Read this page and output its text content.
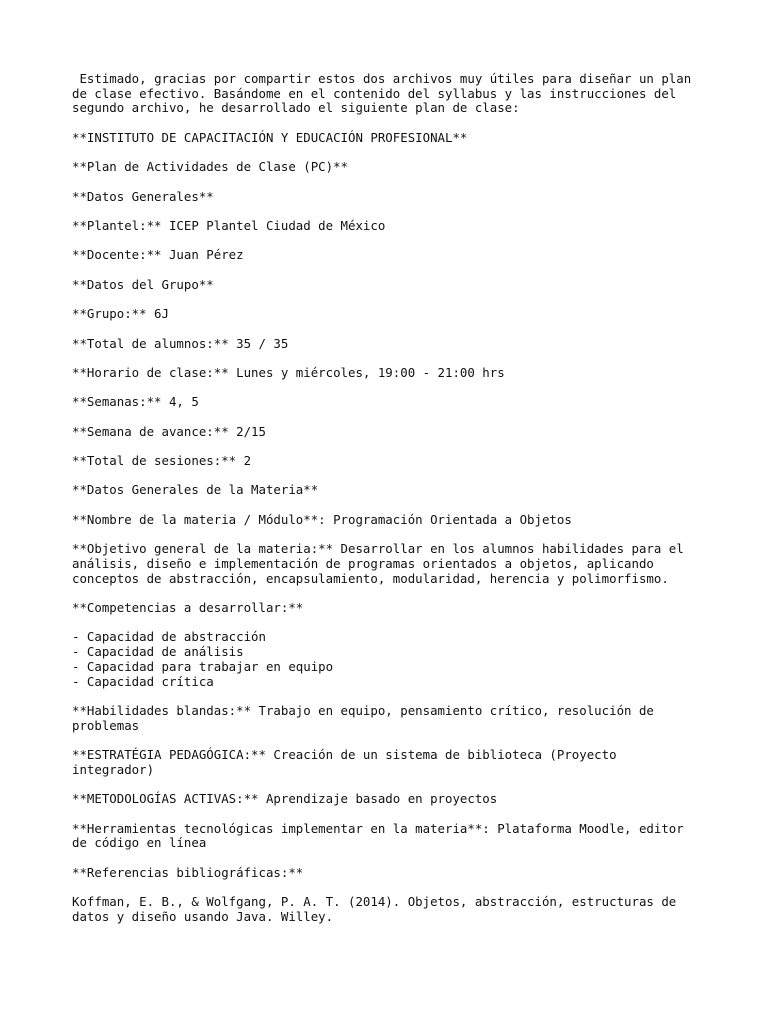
Estimado, gracias por compartir estos dos archivos muy útiles para diseñar un plan de clase efectivo. Basándome en el contenido del syllabus y las instrucciones del segundo archivo, he desarrollado el siguiente plan de clase:

**INSTITUTO DE CAPACITACIÓN Y EDUCACIÓN PROFESIONAL**

**Plan de Actividades de Clase (PC)**

**Datos Generales**

**Plantel:** ICEP Plantel Ciudad de México

**Docente:** Juan Pérez

**Datos del Grupo**

**Grupo:** 6J

**Total de alumnos:** 35 / 35

**Horario de clase:** Lunes y miércoles, 19:00 - 21:00 hrs

**Semanas:** 4, 5

**Semana de avance:** 2/15

**Total de sesiones:** 2

**Datos Generales de la Materia**

**Nombre de la materia / Módulo**: Programación Orientada a Objetos

**Objetivo general de la materia:** Desarrollar en los alumnos habilidades para el análisis, diseño e implementación de programas orientados a objetos, aplicando conceptos de abstracción, encapsulamiento, modularidad, herencia y polimorfismo.

**Competencias a desarrollar:**

- Capacidad de abstracción
- Capacidad de análisis
- Capacidad para trabajar en equipo
- Capacidad crítica

**Habilidades blandas:** Trabajo en equipo, pensamiento crítico, resolución de problemas

**ESTRATÉGIA PEDAGÓGICA:** Creación de un sistema de biblioteca (Proyecto integrador)

**METODOLOGÍAS ACTIVAS:** Aprendizaje basado en proyectos

**Herramientas tecnológicas implementar en la materia**: Plataforma Moodle, editor de código en línea

**Referencias bibliográficas:**

Koffman, E. B., & Wolfgang, P. A. T. (2014). Objetos, abstracción, estructuras de datos y diseño usando Java. Willey.
